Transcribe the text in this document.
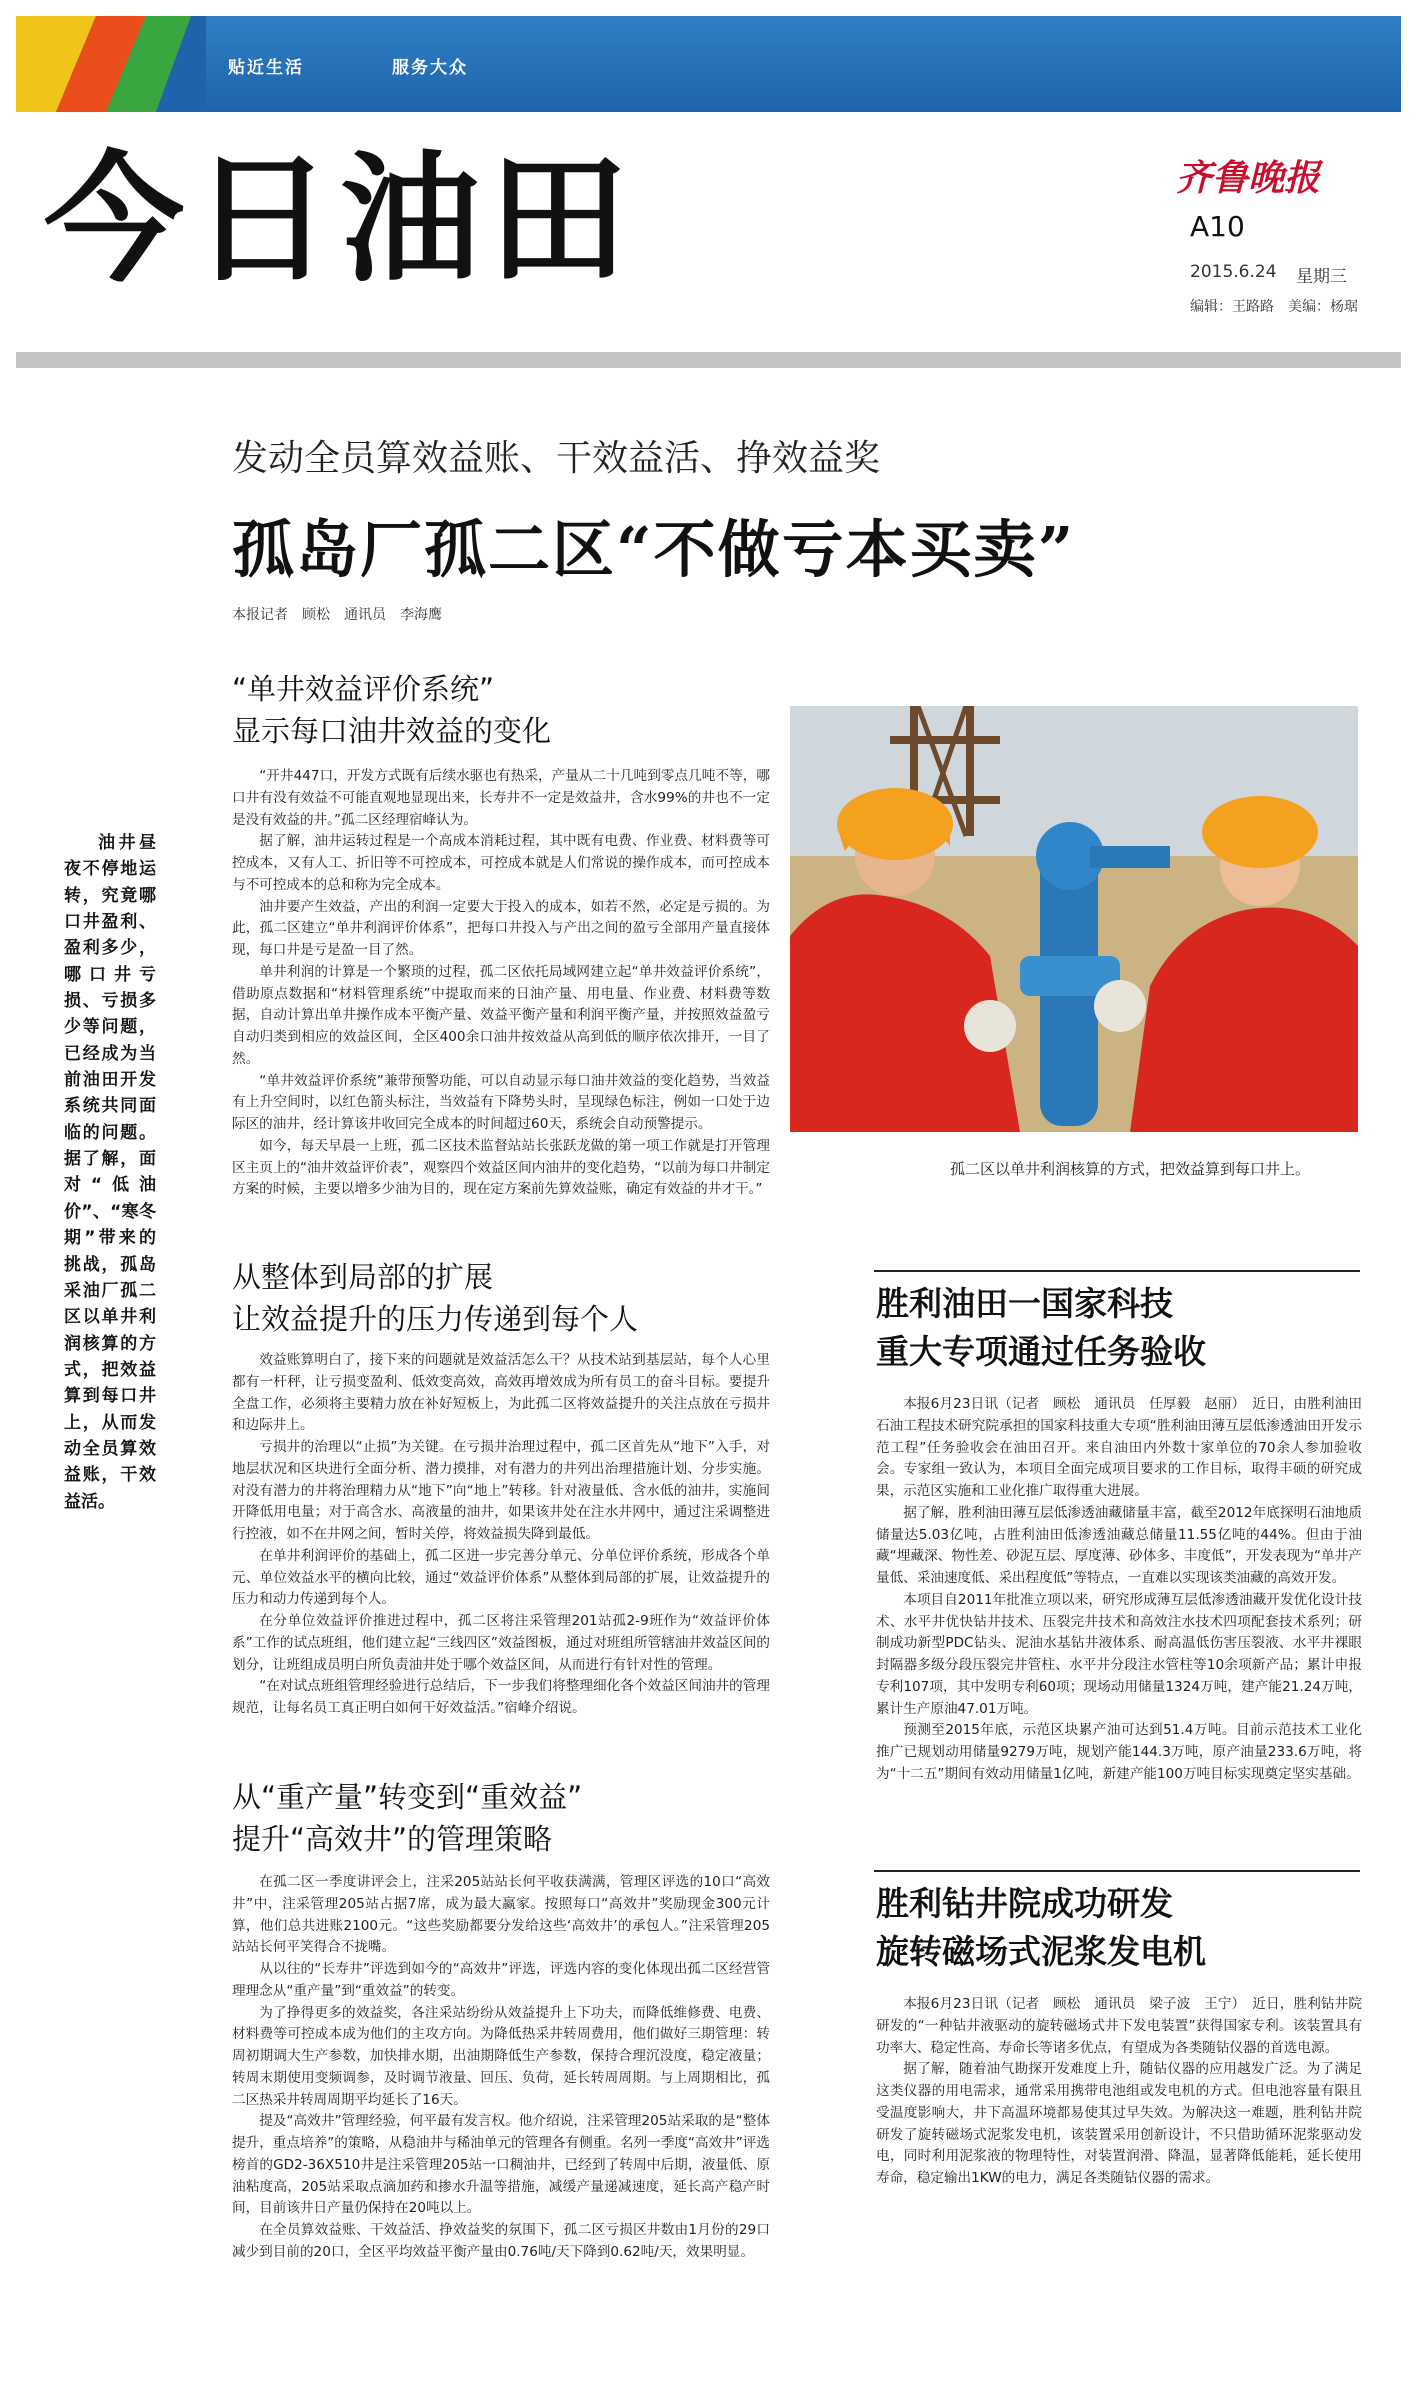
贴近生活	服务大众
今日油田	齐鲁晚报
A10
2015.6.24 星期三
编辑：王路路　美编：杨琚
发动全员算效益账、干效益活、挣效益奖
孤岛厂孤二区“不做亏本买卖”
本报记者　顾松　通讯员　李海鹰

油井昼夜不停地运转，究竟哪口井盈利、盈利多少，哪口井亏损、亏损多少等问题，已经成为当前油田开发系统共同面临的问题。据了解，面对“低油价”、“寒冬期”带来的挑战，孤岛采油厂孤二区以单井利润核算的方式，把效益算到每口井上，从而发动全员算效益账，干效益活。

“单井效益评价系统”
显示每口油井效益的变化

“开井447口，开发方式既有后续水驱也有热采，产量从二十几吨到零点几吨不等，哪口井有没有效益不可能直观地显现出来，长寿井不一定是效益井，含水99%的井也不一定是没有效益的井。”孤二区经理宿峰认为。

据了解，油井运转过程是一个高成本消耗过程，其中既有电费、作业费、材料费等可控成本，又有人工、折旧等不可控成本，可控成本就是人们常说的操作成本，而可控成本与不可控成本的总和称为完全成本。

油井要产生效益，产出的利润一定要大于投入的成本，如若不然，必定是亏损的。为此，孤二区建立“单井利润评价体系”，把每口井投入与产出之间的盈亏全部用产量直接体现，每口井是亏是盈一目了然。

单井利润的计算是一个繁琐的过程，孤二区依托局域网建立起“单井效益评价系统”，借助原点数据和“材料管理系统”中提取而来的日油产量、用电量、作业费、材料费等数据，自动计算出单井操作成本平衡产量、效益平衡产量和利润平衡产量，并按照效益盈亏自动归类到相应的效益区间，全区400余口油井按效益从高到低的顺序依次排开，一目了然。

“单井效益评价系统”兼带预警功能，可以自动显示每口油井效益的变化趋势，当效益有上升空间时，以红色箭头标注，当效益有下降势头时，呈现绿色标注，例如一口处于边际区的油井，经计算该井收回完全成本的时间超过60天，系统会自动预警提示。

如今，每天早晨一上班，孤二区技术监督站站长张跃龙做的第一项工作就是打开管理区主页上的“油井效益评价表”，观察四个效益区间内油井的变化趋势，“以前为每口井制定方案的时候，主要以增多少油为目的，现在定方案前先算效益账，确定有效益的井才干。”

从整体到局部的扩展
让效益提升的压力传递到每个人

效益账算明白了，接下来的问题就是效益活怎么干？从技术站到基层站，每个人心里都有一杆秤，让亏损变盈利、低效变高效，高效再增效成为所有员工的奋斗目标。要提升全盘工作，必须将主要精力放在补好短板上，为此孤二区将效益提升的关注点放在亏损井和边际井上。

亏损井的治理以“止损”为关键。在亏损井治理过程中，孤二区首先从“地下”入手，对地层状况和区块进行全面分析、潜力摸排，对有潜力的井列出治理措施计划、分步实施。对没有潜力的井将治理精力从“地下”向“地上”转移。针对液量低、含水低的油井，实施间开降低用电量；对于高含水、高液量的油井，如果该井处在注水井网中，通过注采调整进行控液，如不在井网之间，暂时关停，将效益损失降到最低。

在单井利润评价的基础上，孤二区进一步完善分单元、分单位评价系统，形成各个单元、单位效益水平的横向比较，通过“效益评价体系”从整体到局部的扩展，让效益提升的压力和动力传递到每个人。

在分单位效益评价推进过程中，孤二区将注采管理201站孤2-9班作为“效益评价体系”工作的试点班组，他们建立起“三线四区”效益图板，通过对班组所管辖油井效益区间的划分，让班组成员明白所负责油井处于哪个效益区间，从而进行有针对性的管理。

“在对试点班组管理经验进行总结后，下一步我们将整理细化各个效益区间油井的管理规范，让每名员工真正明白如何干好效益活。”宿峰介绍说。

从“重产量”转变到“重效益”
提升“高效井”的管理策略

在孤二区一季度讲评会上，注采205站站长何平收获满满，管理区评选的10口“高效井”中，注采管理205站占据7席，成为最大赢家。按照每口“高效井”奖励现金300元计算，他们总共进账2100元。“这些奖励都要分发给这些‘高效井’的承包人。”注采管理205站站长何平笑得合不拢嘴。

从以往的“长寿井”评选到如今的“高效井”评选，评选内容的变化体现出孤二区经营管理理念从“重产量”到“重效益”的转变。

为了挣得更多的效益奖，各注采站纷纷从效益提升上下功夫，而降低维修费、电费、材料费等可控成本成为他们的主攻方向。为降低热采井转周费用，他们做好三期管理：转周初期调大生产参数，加快排水期，出油期降低生产参数，保持合理沉没度，稳定液量；转周末期使用变频调参，及时调节液量、回压、负荷，延长转周周期。与上周期相比，孤二区热采井转周周期平均延长了16天。

提及“高效井”管理经验，何平最有发言权。他介绍说，注采管理205站采取的是“整体提升，重点培养”的策略，从稳油井与稀油单元的管理各有侧重。名列一季度“高效井”评选榜首的GD2-36X510井是注采管理205站一口稠油井，已经到了转周中后期，液量低、原油粘度高，205站采取点滴加药和掺水升温等措施，减缓产量递减速度，延长高产稳产时间，目前该井日产量仍保持在20吨以上。

在全员算效益账、干效益活、挣效益奖的氛围下，孤二区亏损区井数由1月份的29口减少到目前的20口，全区平均效益平衡产量由0.76吨/天下降到0.62吨/天，效果明显。

孤二区以单井利润核算的方式，把效益算到每口井上。
胜利油田一国家科技
重大专项通过任务验收

本报6月23日讯（记者　顾松　通讯员　任厚毅　赵丽）　近日，由胜利油田石油工程技术研究院承担的国家科技重大专项“胜利油田薄互层低渗透油田开发示范工程”任务验收会在油田召开。来自油田内外数十家单位的70余人参加验收会。专家组一致认为，本项目全面完成项目要求的工作目标，取得丰硕的研究成果，示范区实施和工业化推广取得重大进展。

据了解，胜利油田薄互层低渗透油藏储量丰富，截至2012年底探明石油地质储量达5.03亿吨，占胜利油田低渗透油藏总储量11.55亿吨的44%。但由于油藏“埋藏深、物性差、砂泥互层、厚度薄、砂体多、丰度低”，开发表现为“单井产量低、采油速度低、采出程度低”等特点，一直难以实现该类油藏的高效开发。

本项目自2011年批准立项以来，研究形成薄互层低渗透油藏开发优化设计技术、水平井优快钻井技术、压裂完井技术和高效注水技术四项配套技术系列；研制成功新型PDC钻头、泥油水基钻井液体系、耐高温低伤害压裂液、水平井裸眼封隔器多级分段压裂完井管柱、水平井分段注水管柱等10余项新产品；累计申报专利107项，其中发明专利60项；现场动用储量1324万吨，建产能21.24万吨，累计生产原油47.01万吨。

预测至2015年底，示范区块累产油可达到51.4万吨。目前示范技术工业化推广已规划动用储量9279万吨，规划产能144.3万吨，原产油量233.6万吨，将为“十二五”期间有效动用储量1亿吨，新建产能100万吨目标实现奠定坚实基础。

胜利钻井院成功研发
旋转磁场式泥浆发电机

本报6月23日讯（记者　顾松　通讯员　梁子波　王宁）　近日，胜利钻井院研发的“一种钻井液驱动的旋转磁场式井下发电装置”获得国家专利。该装置具有功率大、稳定性高、寿命长等诸多优点，有望成为各类随钻仪器的首选电源。

据了解，随着油气勘探开发难度上升，随钻仪器的应用越发广泛。为了满足这类仪器的用电需求，通常采用携带电池组或发电机的方式。但电池容量有限且受温度影响大，井下高温环境都易使其过早失效。为解决这一难题，胜利钻井院研发了旋转磁场式泥浆发电机，该装置采用创新设计，不只借助循环泥浆驱动发电，同时利用泥浆液的物理特性，对装置润滑、降温，显著降低能耗，延长使用寿命，稳定输出1KW的电力，满足各类随钻仪器的需求。
